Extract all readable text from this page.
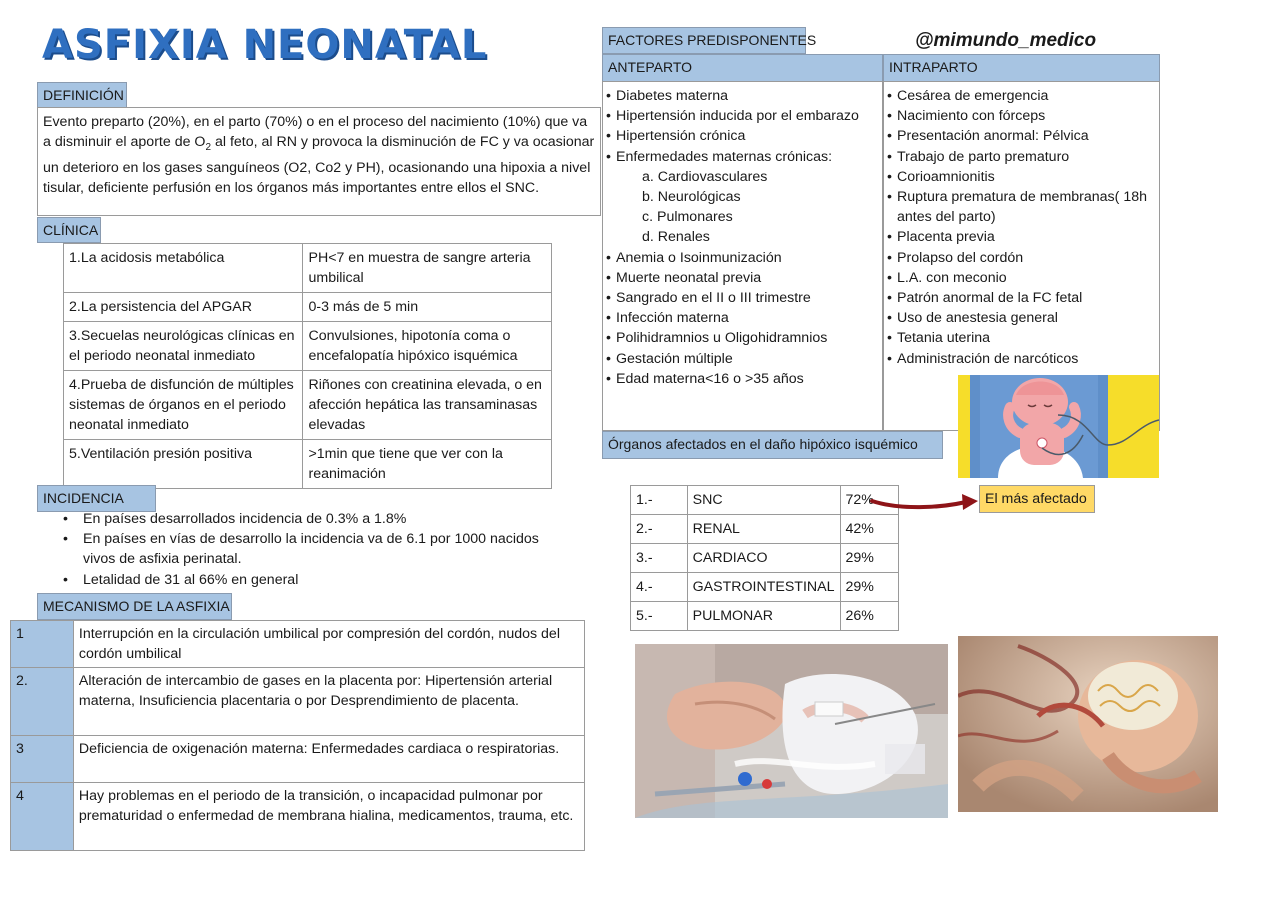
ASFIXIA NEONATAL	@mimundo_medico
DEFINICIÓN
Evento preparto (20%), en el parto (70%) o en el proceso del nacimiento (10%) que va a disminuir el aporte de $O_2$ al feto, al RN y provoca la disminución de FC y va ocasionar un deterioro en los gases sanguíneos (O2, Co2 y PH), ocasionando una hipoxia a nivel tisular, deficiente perfusión en los órganos más importantes entre ellos el SNC.
CLÍNICA
1.La acidosis metabólica	PH<7 en muestra de sangre arteria umbilical
2.La persistencia del APGAR	0-3 más de 5 min
3.Secuelas neurológicas clínicas en el periodo neonatal inmediato	Convulsiones, hipotonía coma o encefalopatía hipóxico isquémica
4.Prueba de disfunción de múltiples sistemas de órganos en el periodo neonatal inmediato	Riñones con creatinina elevada, o en afección hepática las transaminasas elevadas
5.Ventilación presión positiva	>1min que tiene que ver con la reanimación
INCIDENCIA
• En países desarrollados incidencia de 0.3% a 1.8%
• En países en vías de desarrollo la incidencia va de 6.1 por 1000 nacidos vivos de asfixia perinatal.
• Letalidad de 31 al 66% en general
MECANISMO DE LA ASFIXIA
1	Interrupción en la circulación umbilical por compresión del cordón, nudos del cordón umbilical
2.	Alteración de intercambio de gases en la placenta por: Hipertensión arterial materna, Insuficiencia placentaria o por Desprendimiento de placenta.
3	Deficiencia de oxigenación materna: Enfermedades cardiaca o respiratorias.
4	Hay problemas en el periodo de la transición, o incapacidad pulmonar por prematuridad o enfermedad de membrana hialina, medicamentos, trauma, etc.
FACTORES PREDISPONENTES
ANTEPARTO	INTRAPARTO
• Diabetes materna
• Hipertensión inducida por el embarazo
• Hipertensión crónica
• Enfermedades maternas crónicas:
a. Cardiovasculares
b. Neurológicas
c. Pulmonares
d. Renales
• Anemia o Isoinmunización
• Muerte neonatal previa
• Sangrado en el II o III trimestre
• Infección materna
• Polihidramnios u Oligohidramnios
• Gestación múltiple
• Edad materna<16 o >35 años
• Cesárea de emergencia
• Nacimiento con fórceps
• Presentación anormal: Pélvica
• Trabajo de parto prematuro
• Corioamnionitis
• Ruptura prematura de membranas( 18h antes del parto)
• Placenta previa
• Prolapso del cordón
• L.A. con meconio
• Patrón anormal de la FC fetal
• Uso de anestesia general
• Tetania uterina
• Administración de narcóticos
Órganos afectados en el daño hipóxico isquémico
1.-	SNC	72%
2.-	RENAL	42%
3.-	CARDIACO	29%
4.-	GASTROINTESTINAL	29%
5.-	PULMONAR	26%
El más afectado
